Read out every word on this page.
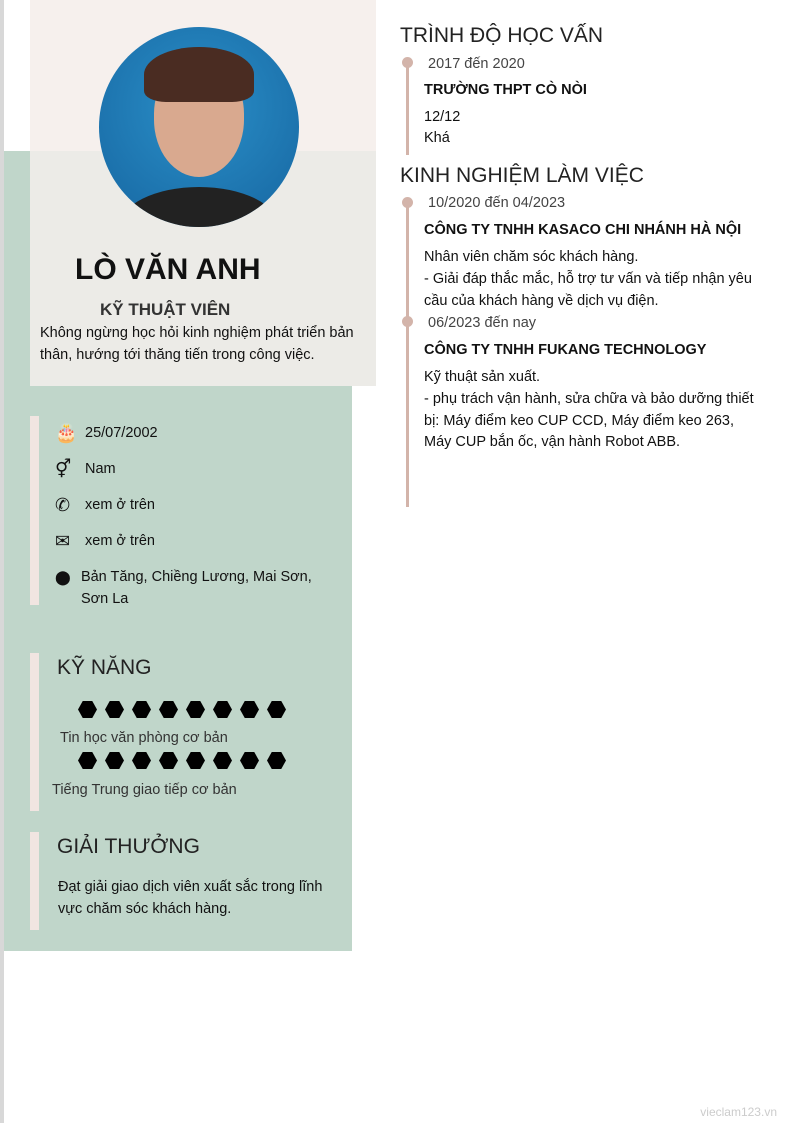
LÒ VĂN ANH
KỸ THUẬT VIÊN
Không ngừng học hỏi kinh nghiệm phát triển bản thân, hướng tới thăng tiến trong công việc.
🎂 25/07/2002
⚥ Nam
✆	xem ở trên
✉	xem ở trên
⬤ Bản Tăng, Chiềng Lương, Mai Sơn, Sơn La
KỸ NĂNG
Tin học văn phòng cơ bản
Tiếng Trung giao tiếp cơ bản
GIẢI THƯỞNG
Đạt giải giao dịch viên xuất sắc trong lĩnh vực chăm sóc khách hàng.
TRÌNH ĐỘ HỌC VẤN
2017 đến 2020
TRƯỜNG THPT CÒ NÒI
12/12
Khá
KINH NGHIỆM LÀM VIỆC
10/2020 đến 04/2023
CÔNG TY TNHH KASACO CHI NHÁNH HÀ NỘI
Nhân viên chăm sóc khách hàng.
- Giải đáp thắc mắc, hỗ trợ tư vấn và tiếp nhận yêu cầu của khách hàng về dịch vụ điện.
06/2023 đến nay
CÔNG TY TNHH FUKANG TECHNOLOGY
Kỹ thuật sản xuất.
- phụ trách vận hành, sửa chữa và bảo dưỡng thiết bị: Máy điểm keo CUP CCD, Máy điểm keo 263, Máy CUP bắn ốc, vận hành Robot ABB.
vieclam123.vn
